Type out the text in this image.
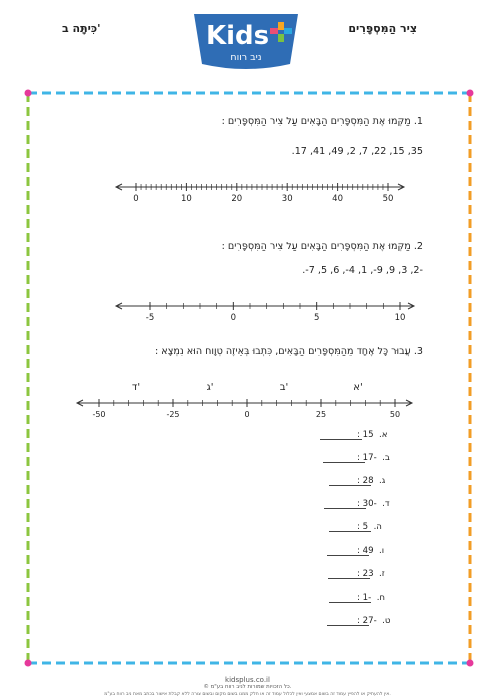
כִּיתָּה ב'	צִיר הַמִּסְפָּרִים
Kids
ניב רווח
1. מַקְּמוּ אֶת הַמִּסְפָּרִים הַבָּאִים עַל צִיר הַמִּסְפָּרִים :
35, 15, 22, 7, 2, 49, 41, 17.
0	10	20	30	40	50
2. מַקְּמוּ אֶת הַמִּסְפָּרִים הַבָּאִים עַל צִיר הַמִּסְפָּרִים :
-2, 3, 9, 9-, 1, 4-, 6, 5, 7-.
-5	0	5	10
3. עֲבוּר כָּל אֶחָד מֵהַמִּסְפָּרִים הַבָּאִים, כִּתְבוּ בְּאֵיזֶה טְוָוח הוּא נִמְצָא :
-50	-25	0	25	50
א'
ב'
ג'
ד'
א.  15 :
ב.  -17 :
ג.  28 :
ד.  -30 :
ה.  5 :
ו.  49 :
ז.  23 :
ח.  -1 :
ט.  -27 :
kidsplus.co.il
© כל הזכויות שמורות לניב רווח בע"מ.
אין להעתיק או להפיץ עמוד זה בשום אמצעי ואין לכלול עמוד זה או חלק ממנו בשום מקום ובשום צורה ללא קבלת אישור בכתב מאת ניב רווח בע"מ.
